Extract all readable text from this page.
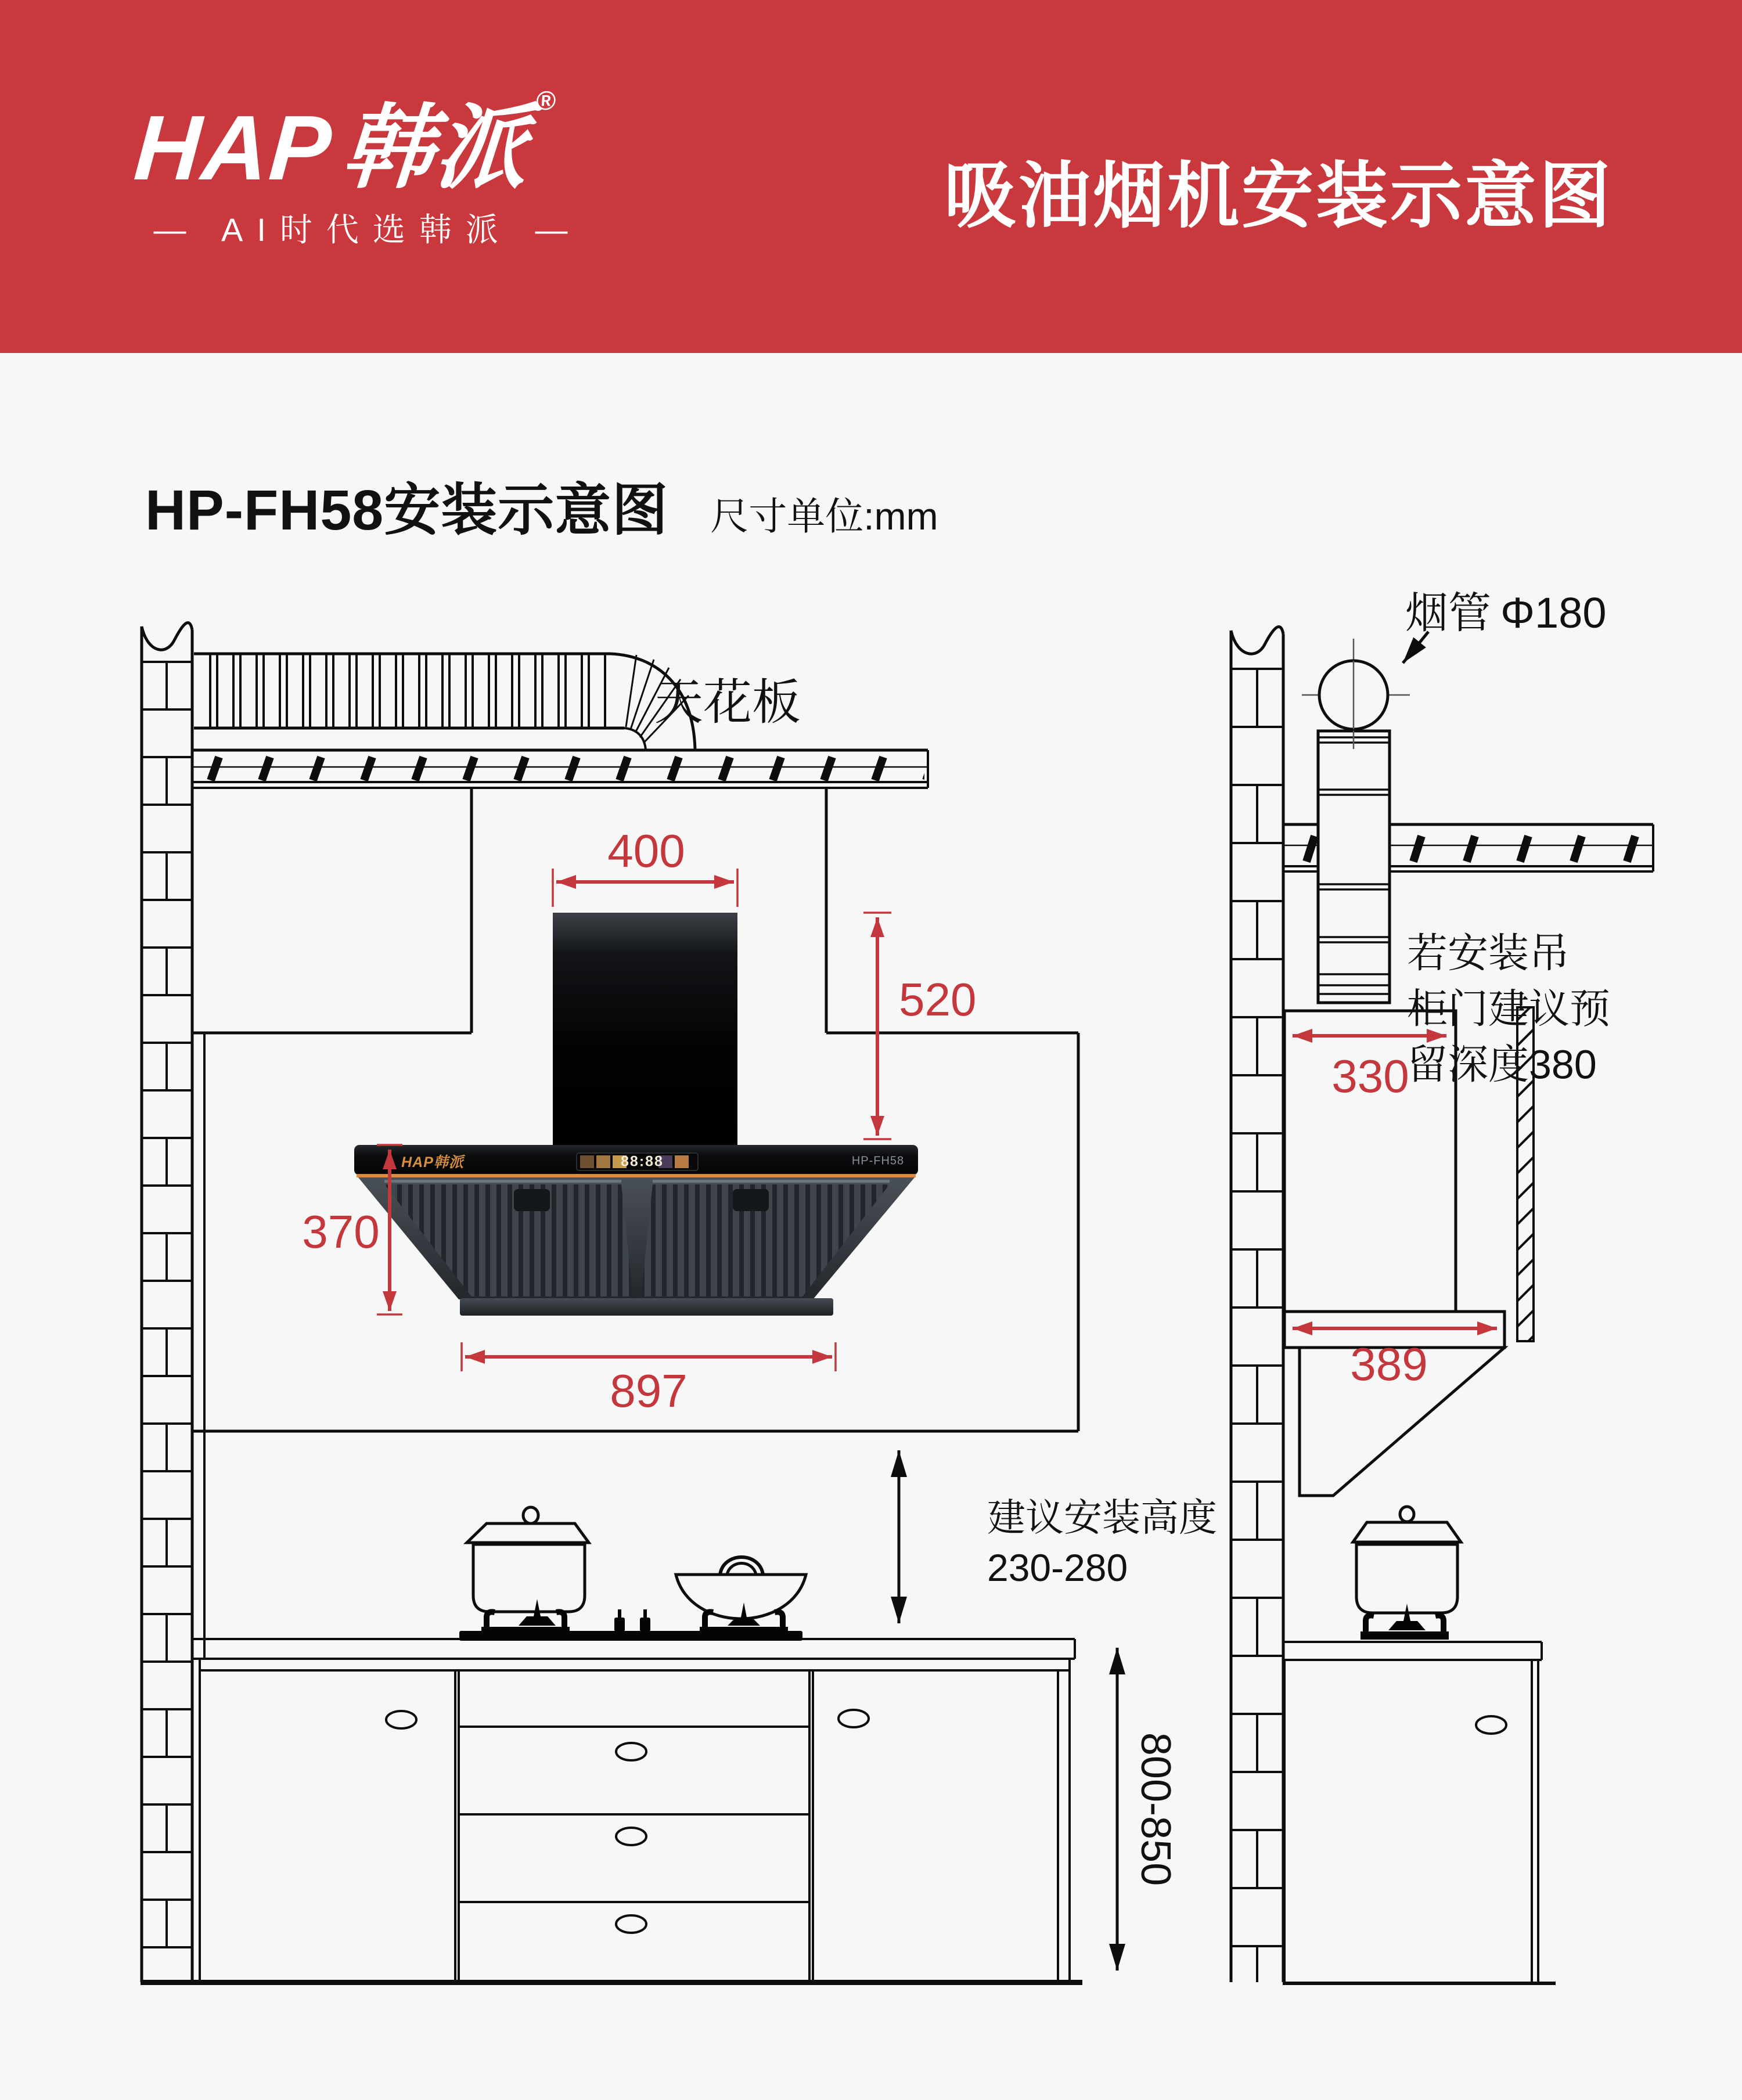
HAP韩派 ®
— AI时代选韩派 —	吸油烟机安装示意图
HP-FH58安装示意图 尺寸单位:mm
天花板
400
520
370
897
建议安装高度
230-280
800-850
烟管 Φ180
若安装吊
柜门建议预
留深度380
330
389
HAP韩派	HP-FH58
88:88
